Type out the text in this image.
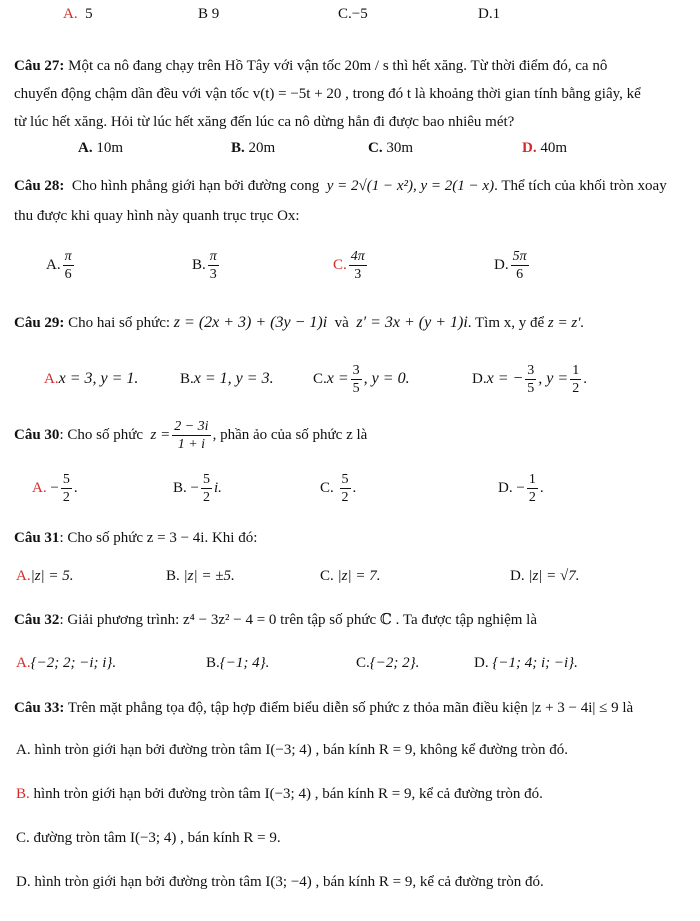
A. 5	B 9	C.−5	D.1
Câu 27: Một ca nô đang chạy trên Hồ Tây với vận tốc 20m / s thì hết xăng. Từ thời điểm đó, ca nô
chuyển động chậm dần đều với vận tốc v(t) = −5t + 20 , trong đó t là khoảng thời gian tính bằng giây, kể
từ lúc hết xăng. Hỏi từ lúc hết xăng đến lúc ca nô dừng hẳn đi được bao nhiêu mét?
A. 10m	B. 20m	C. 30m	D. 40m
Câu 28: Cho hình phẳng giới hạn bởi đường cong y = 2√(1 − x²), y = 2(1 − x). Thể tích của khối tròn xoay
thu được khi quay hình này quanh trục trục Ox:
A. $\frac{\pi}{6}$	B. $\frac{\pi}{3}$	C. $\frac{4\pi}{3}$	D. $\frac{5\pi}{6}$
Câu 29: Cho hai số phức: z = (2x + 3) + (3y − 1)i và z′ = 3x + (y + 1)i. Tìm x, y để z = z′.
A.x = 3, y = 1.	B.x = 1, y = 3.	$C.x = \frac{3}{5}$ , y = 0.	D.x = − $\frac{3}{5}$ , $y = \frac{1}{2}$ .
Câu 30: Cho số phức $z = \frac{2 - 3i}{1 + i}$ , phần ảo của số phức z là
A. − $\frac{5}{2}$ .	B. − $\frac{5}{2} i$.	C. $\frac{5}{2}$ .	D. − $\frac{1}{2}$ .
Câu 31: Cho số phức z = 3 − 4i. Khi đó:
A.|z| = 5.	B. |z| = ±5.	C. |z| = 7.	D. |z| = √7.
Câu 32: Giải phương trình: z⁴ − 3z² − 4 = 0 trên tập số phức ℂ . Ta được tập nghiệm là
A.{−2; 2; −i; i}.	B.{−1; 4}.	C.{−2; 2}.	D. {−1; 4; i; −i}.
Câu 33: Trên mặt phẳng tọa độ, tập hợp điểm biểu diễn số phức z thỏa mãn điều kiện |z + 3 − 4i| ≤ 9 là
A. hình tròn giới hạn bởi đường tròn tâm I(−3; 4) , bán kính R = 9, không kể đường tròn đó.
B. hình tròn giới hạn bởi đường tròn tâm I(−3; 4) , bán kính R = 9, kể cả đường tròn đó.
C. đường tròn tâm I(−3; 4) , bán kính R = 9.
D. hình tròn giới hạn bởi đường tròn tâm I(3; −4) , bán kính R = 9, kể cả đường tròn đó.
